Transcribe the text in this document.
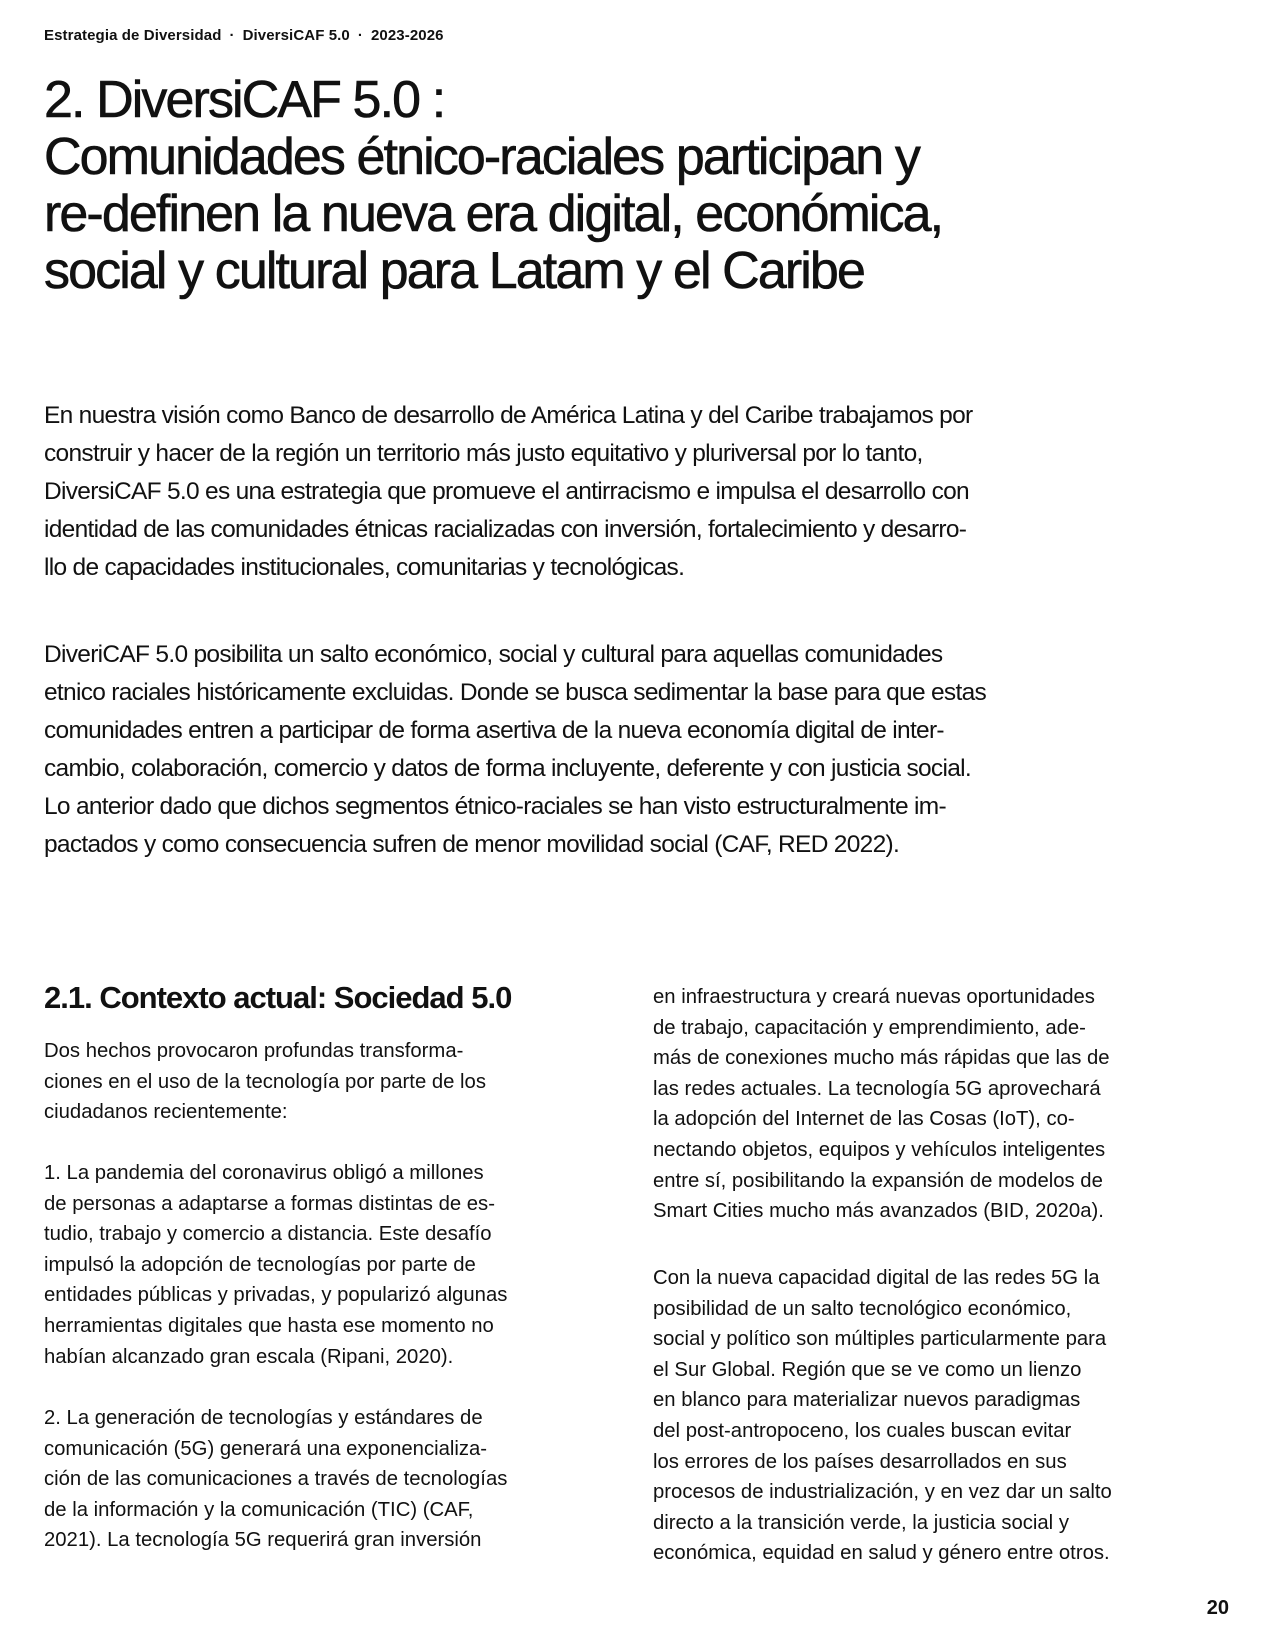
Estrategia de Diversidad · DiversiCAF 5.0 · 2023-2026
2. DiversiCAF 5.0 :
Comunidades étnico-raciales participan y
re-definen la nueva era digital, económica,
social y cultural para Latam y el Caribe

En nuestra visión como Banco de desarrollo de América Latina y del Caribe trabajamos por
construir y hacer de la región un territorio más justo equitativo y pluriversal por lo tanto,
DiversiCAF 5.0 es una estrategia que promueve el antirracismo e impulsa el desarrollo con
identidad de las comunidades étnicas racializadas con inversión, fortalecimiento y desarro-
llo de capacidades institucionales, comunitarias y tecnológicas.

DiveriCAF 5.0 posibilita un salto económico, social y cultural para aquellas comunidades
etnico raciales históricamente excluidas. Donde se busca sedimentar la base para que estas
comunidades entren a participar de forma asertiva de la nueva economía digital de inter-
cambio, colaboración, comercio y datos de forma incluyente, deferente y con justicia social.
Lo anterior dado que dichos segmentos étnico-raciales se han visto estructuralmente im-
pactados y como consecuencia sufren de menor movilidad social (CAF, RED 2022).

2.1. Contexto actual: Sociedad 5.0

Dos hechos provocaron profundas transforma-
ciones en el uso de la tecnología por parte de los
ciudadanos recientemente:

1. La pandemia del coronavirus obligó a millones
de personas a adaptarse a formas distintas de es-
tudio, trabajo y comercio a distancia. Este desafío
impulsó la adopción de tecnologías por parte de
entidades públicas y privadas, y popularizó algunas
herramientas digitales que hasta ese momento no
habían alcanzado gran escala (Ripani, 2020).

2. La generación de tecnologías y estándares de
comunicación (5G) generará una exponencializa-
ción de las comunicaciones a través de tecnologías
de la información y la comunicación (TIC) (CAF,
2021). La tecnología 5G requerirá gran inversión

en infraestructura y creará nuevas oportunidades
de trabajo, capacitación y emprendimiento, ade-
más de conexiones mucho más rápidas que las de
las redes actuales. La tecnología 5G aprovechará
la adopción del Internet de las Cosas (IoT), co-
nectando objetos, equipos y vehículos inteligentes
entre sí, posibilitando la expansión de modelos de
Smart Cities mucho más avanzados (BID, 2020a).

Con la nueva capacidad digital de las redes 5G la
posibilidad de un salto tecnológico económico,
social y político son múltiples particularmente para
el Sur Global. Región que se ve como un lienzo
en blanco para materializar nuevos paradigmas
del post-antropoceno, los cuales buscan evitar
los errores de los países desarrollados en sus
procesos de industrialización, y en vez dar un salto
directo a la transición verde, la justicia social y
económica, equidad en salud y género entre otros.

20
